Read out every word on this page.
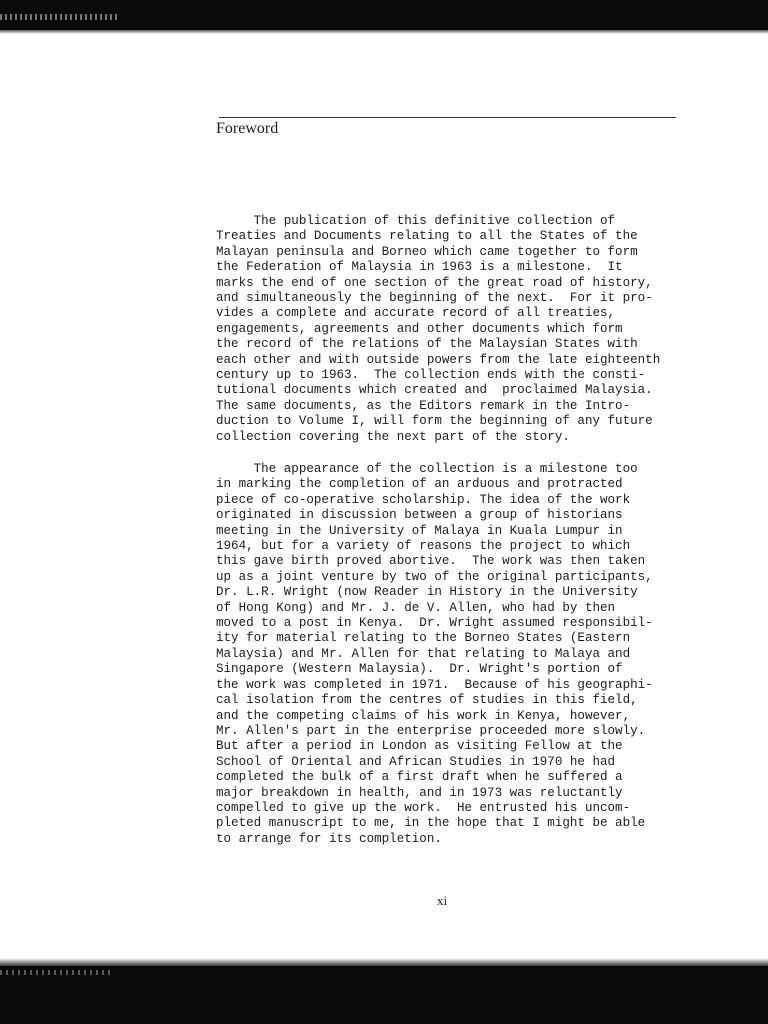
Foreword

The publication of this definitive collection of
Treaties and Documents relating to all the States of the
Malayan peninsula and Borneo which came together to form
the Federation of Malaysia in 1963 is a milestone.  It
marks the end of one section of the great road of history,
and simultaneously the beginning of the next.  For it pro-
vides a complete and accurate record of all treaties,
engagements, agreements and other documents which form
the record of the relations of the Malaysian States with
each other and with outside powers from the late eighteenth
century up to 1963.  The collection ends with the consti-
tutional documents which created and  proclaimed Malaysia.
The same documents, as the Editors remark in the Intro-
duction to Volume I, will form the beginning of any future
collection covering the next part of the story.

The appearance of the collection is a milestone too
in marking the completion of an arduous and protracted
piece of co-operative scholarship. The idea of the work
originated in discussion between a group of historians
meeting in the University of Malaya in Kuala Lumpur in
1964, but for a variety of reasons the project to which
this gave birth proved abortive.  The work was then taken
up as a joint venture by two of the original participants,
Dr. L.R. Wright (now Reader in History in the University
of Hong Kong) and Mr. J. de V. Allen, who had by then
moved to a post in Kenya.  Dr. Wright assumed responsibil-
ity for material relating to the Borneo States (Eastern
Malaysia) and Mr. Allen for that relating to Malaya and
Singapore (Western Malaysia).  Dr. Wright's portion of
the work was completed in 1971.  Because of his geographi-
cal isolation from the centres of studies in this field,
and the competing claims of his work in Kenya, however,
Mr. Allen's part in the enterprise proceeded more slowly.
But after a period in London as visiting Fellow at the
School of Oriental and African Studies in 1970 he had
completed the bulk of a first draft when he suffered a
major breakdown in health, and in 1973 was reluctantly
compelled to give up the work.  He entrusted his uncom-
pleted manuscript to me, in the hope that I might be able
to arrange for its completion.

xi
